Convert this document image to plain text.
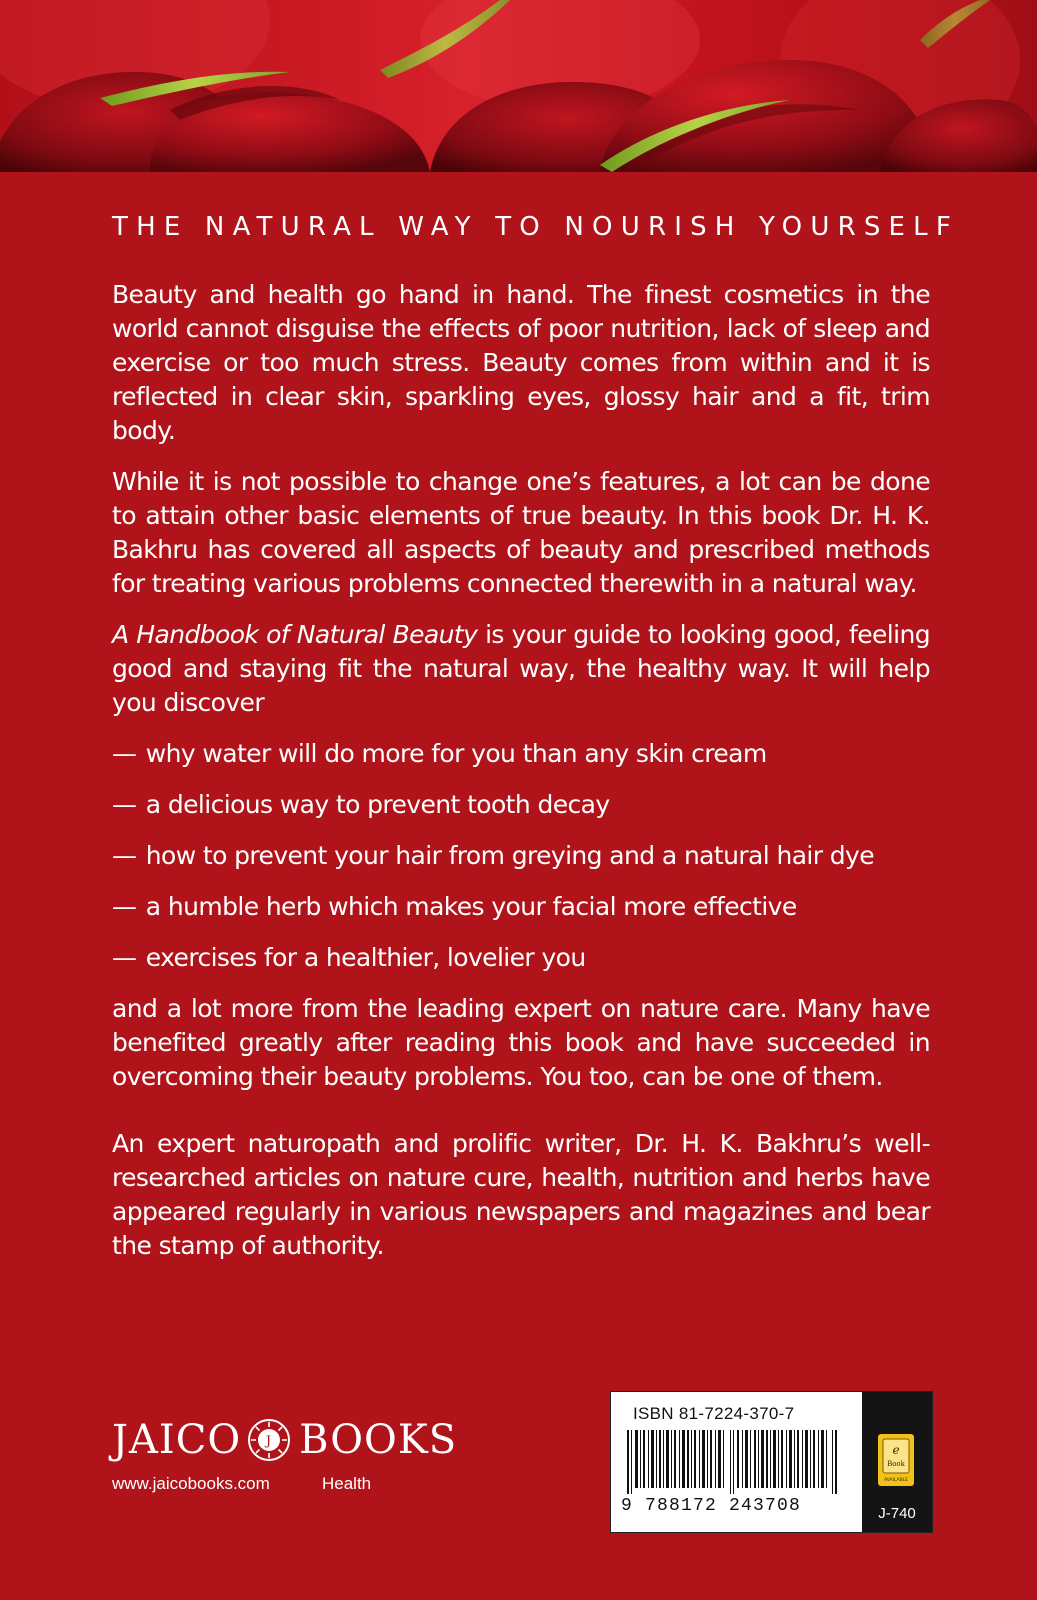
THE NATURAL WAY TO NOURISH YOURSELF

Beauty and health go hand in hand. The finest cosmetics in the world cannot disguise the effects of poor nutrition, lack of sleep and exercise or too much stress. Beauty comes from within and it is reflected in clear skin, sparkling eyes, glossy hair and a fit, trim body.

While it is not possible to change one’s features, a lot can be done to attain other basic elements of true beauty. In this book Dr. H. K. Bakhru has covered all aspects of beauty and prescribed methods for treating various problems connected therewith in a natural way.

A Handbook of Natural Beauty is your guide to looking good, feeling good and staying fit the natural way, the healthy way. It will help you discover

— why water will do more for you than any skin cream
— a delicious way to prevent tooth decay
— how to prevent your hair from greying and a natural hair dye
— a humble herb which makes your facial more effective
— exercises for a healthier, lovelier you

and a lot more from the leading expert on nature care. Many have benefited greatly after reading this book and have succeeded in overcoming their beauty problems. You too, can be one of them.

An expert naturopath and prolific writer, Dr. H. K. Bakhru’s well-researched articles on nature cure, health, nutrition and herbs have appeared regularly in various newspapers and magazines and bear the stamp of authority.

JAICO J BOOKS
www.jaicobooks.com	Health
ISBN 81-7224-370-7
9 788172 243708
e
Book
AVAILABLE
J-740
